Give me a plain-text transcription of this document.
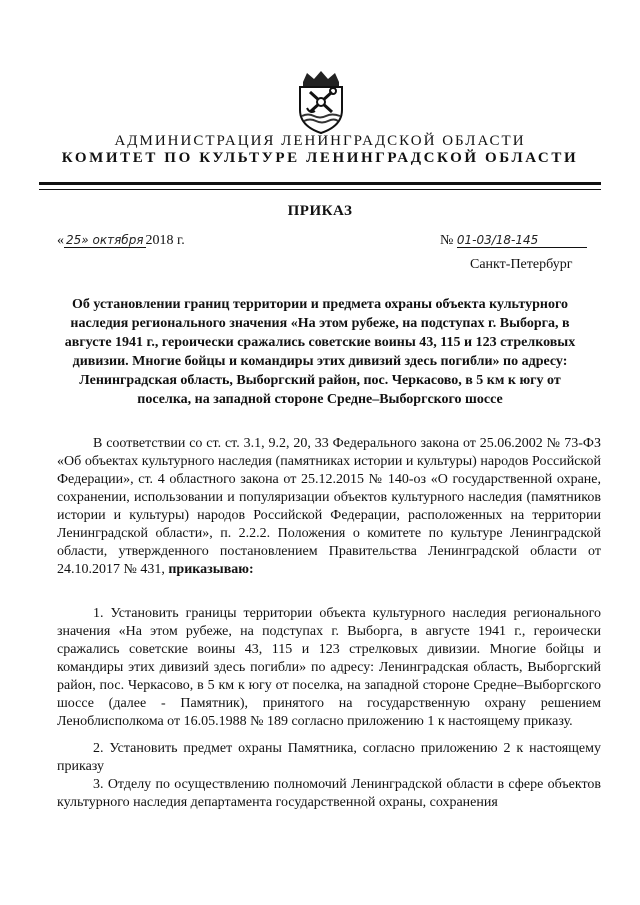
АДМИНИСТРАЦИЯ ЛЕНИНГРАДСКОЙ ОБЛАСТИ
КОМИТЕТ ПО КУЛЬТУРЕ ЛЕНИНГРАДСКОЙ ОБЛАСТИ
ПРИКАЗ
« 25» октября 2018 г.	№ 01-03/18-145
Санкт-Петербург
Об установлении границ территории и предмета охраны объекта культурного наследия регионального значения «На этом рубеже, на подступах г. Выборга, в августе 1941 г., героически сражались советские воины 43, 115 и 123 стрелковых дивизии. Многие бойцы и командиры этих дивизий здесь погибли» по адресу: Ленинградская область, Выборгский район, пос. Черкасово, в 5 км к югу от поселка, на западной стороне Средне–Выборгского шоссе
В соответствии со ст. ст. 3.1, 9.2, 20, 33 Федерального закона от 25.06.2002 № 73-ФЗ «Об объектах культурного наследия (памятниках истории и культуры) народов Российской Федерации», ст. 4 областного закона от 25.12.2015 № 140-оз «О государственной охране, сохранении, использовании и популяризации объектов культурного наследия (памятников истории и культуры) народов Российской Федерации, расположенных на территории Ленинградской области», п. 2.2.2. Положения о комитете по культуре Ленинградской области, утвержденного постановлением Правительства Ленинградской области от 24.10.2017 № 431, приказываю:
1. Установить границы территории объекта культурного наследия регионального значения «На этом рубеже, на подступах г. Выборга, в августе 1941 г., героически сражались советские воины 43, 115 и 123 стрелковых дивизии. Многие бойцы и командиры этих дивизий здесь погибли» по адресу: Ленинградская область, Выборгский район, пос. Черкасово, в 5 км к югу от поселка, на западной стороне Средне–Выборгского шоссе (далее - Памятник), принятого на государственную охрану решением Леноблисполкома от 16.05.1988 № 189 согласно приложению 1 к настоящему приказу.
2. Установить предмет охраны Памятника, согласно приложению 2 к настоящему приказу
3. Отделу по осуществлению полномочий Ленинградской области в сфере объектов культурного наследия департамента государственной охраны, сохранения
